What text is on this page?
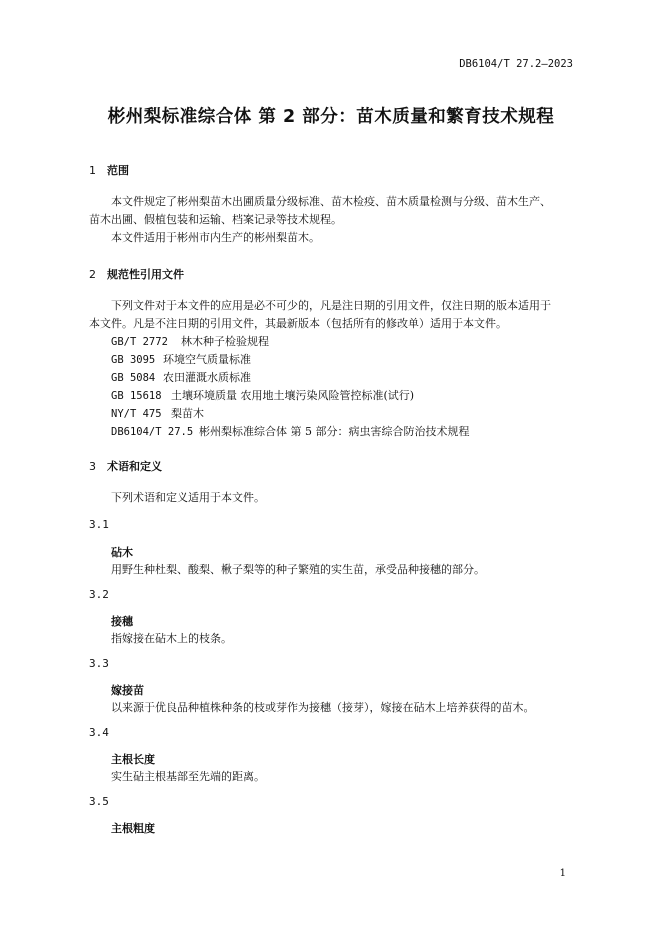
DB6104/T 27.2—2023
彬州梨标准综合体 第 2 部分：苗木质量和繁育技术规程
1 范围
本文件规定了彬州梨苗木出圃质量分级标准、苗木检疫、苗木质量检测与分级、苗木生产、
苗木出圃、假植包装和运输、档案记录等技术规程。
本文件适用于彬州市内生产的彬州梨苗木。
2 规范性引用文件
下列文件对于本文件的应用是必不可少的，凡是注日期的引用文件，仅注日期的版本适用于
本文件。凡是不注日期的引用文件，其最新版本（包括所有的修改单）适用于本文件。
GB/T 2772 林木种子检验规程
GB 3095 环境空气质量标准
GB 5084 农田灌溉水质标准
GB 15618 土壤环境质量 农用地土壤污染风险管控标准(试行)
NY/T 475 梨苗木
DB6104/T 27.5 彬州梨标准综合体 第 5 部分：病虫害综合防治技术规程
3 术语和定义
下列术语和定义适用于本文件。
3.1
砧木
用野生种杜梨、酸梨、楸子梨等的种子繁殖的实生苗，承受品种接穗的部分。
3.2
接穗
指嫁接在砧木上的枝条。
3.3
嫁接苗
以来源于优良品种植株种条的枝或芽作为接穗（接芽），嫁接在砧木上培养获得的苗木。
3.4
主根长度
实生砧主根基部至先端的距离。
3.5
主根粗度
1
